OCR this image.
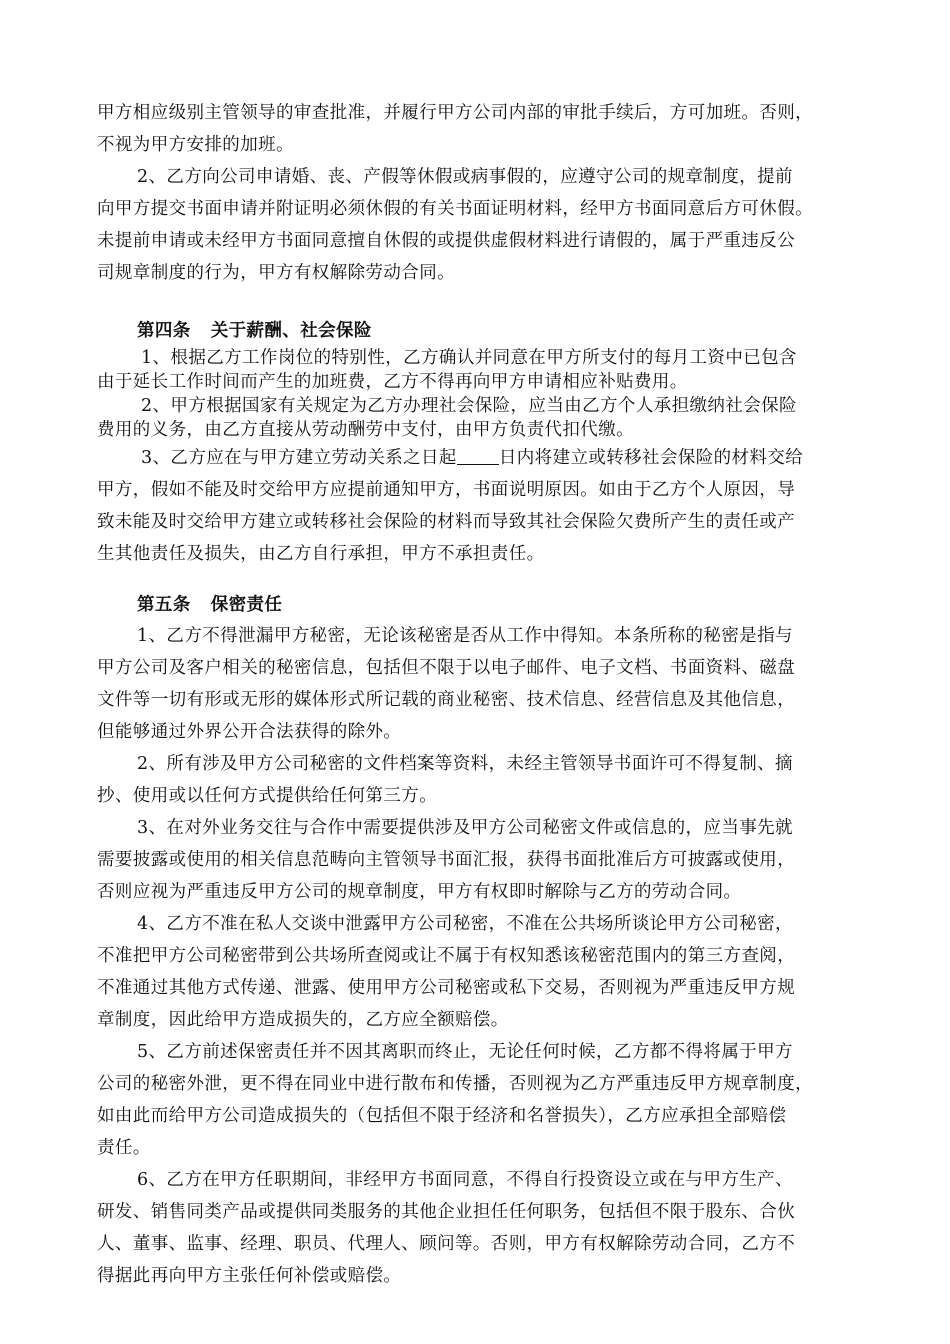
甲方相应级别主管领导的审查批准，并履行甲方公司内部的审批手续后，方可加班。否则，
不视为甲方安排的加班。
2、乙方向公司申请婚、丧、产假等休假或病事假的，应遵守公司的规章制度，提前
向甲方提交书面申请并附证明必须休假的有关书面证明材料，经甲方书面同意后方可休假。
未提前申请或未经甲方书面同意擅自休假的或提供虚假材料进行请假的，属于严重违反公
司规章制度的行为，甲方有权解除劳动合同。
第四条 关于薪酬、社会保险
1、根据乙方工作岗位的特别性，乙方确认并同意在甲方所支付的每月工资中已包含
由于延长工作时间而产生的加班费，乙方不得再向甲方申请相应补贴费用。
2、甲方根据国家有关规定为乙方办理社会保险，应当由乙方个人承担缴纳社会保险
费用的义务，由乙方直接从劳动酬劳中支付，由甲方负责代扣代缴。
3、乙方应在与甲方建立劳动关系之日起 日内将建立或转移社会保险的材料交给
甲方，假如不能及时交给甲方应提前通知甲方，书面说明原因。如由于乙方个人原因，导
致未能及时交给甲方建立或转移社会保险的材料而导致其社会保险欠费所产生的责任或产
生其他责任及损失，由乙方自行承担，甲方不承担责任。
第五条 保密责任
1、乙方不得泄漏甲方秘密，无论该秘密是否从工作中得知。本条所称的秘密是指与
甲方公司及客户相关的秘密信息，包括但不限于以电子邮件、电子文档、书面资料、磁盘
文件等一切有形或无形的媒体形式所记载的商业秘密、技术信息、经营信息及其他信息，
但能够通过外界公开合法获得的除外。
2、所有涉及甲方公司秘密的文件档案等资料，未经主管领导书面许可不得复制、摘
抄、使用或以任何方式提供给任何第三方。
3、在对外业务交往与合作中需要提供涉及甲方公司秘密文件或信息的，应当事先就
需要披露或使用的相关信息范畴向主管领导书面汇报，获得书面批准后方可披露或使用，
否则应视为严重违反甲方公司的规章制度，甲方有权即时解除与乙方的劳动合同。
4、乙方不准在私人交谈中泄露甲方公司秘密，不准在公共场所谈论甲方公司秘密，
不准把甲方公司秘密带到公共场所查阅或让不属于有权知悉该秘密范围内的第三方查阅，
不准通过其他方式传递、泄露、使用甲方公司秘密或私下交易，否则视为严重违反甲方规
章制度，因此给甲方造成损失的，乙方应全额赔偿。
5、乙方前述保密责任并不因其离职而终止，无论任何时候，乙方都不得将属于甲方
公司的秘密外泄，更不得在同业中进行散布和传播，否则视为乙方严重违反甲方规章制度，
如由此而给甲方公司造成损失的（包括但不限于经济和名誉损失），乙方应承担全部赔偿
责任。
6、乙方在甲方任职期间，非经甲方书面同意，不得自行投资设立或在与甲方生产、
研发、销售同类产品或提供同类服务的其他企业担任任何职务，包括但不限于股东、合伙
人、董事、监事、经理、职员、代理人、顾问等。否则，甲方有权解除劳动合同，乙方不
得据此再向甲方主张任何补偿或赔偿。
